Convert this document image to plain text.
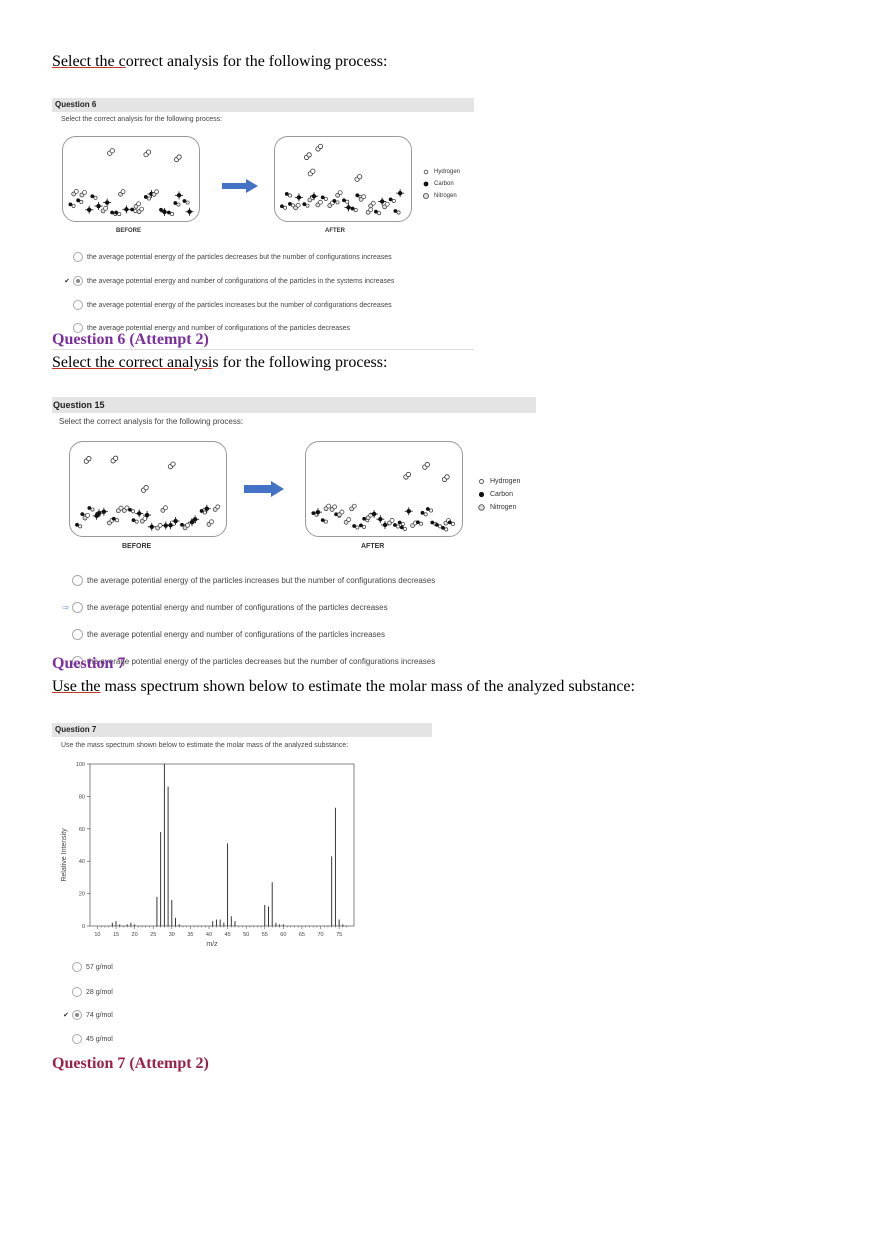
Select the correct analysis for the following process:
Question 6
Select the correct analysis for the following process:
BEFORE	AFTER
Hydrogen
Carbon
Nitrogen
the average potential energy of the particles decreases but the number of configurations increases
✔ the average potential energy and number of configurations of the particles in the systems increases
the average potential energy of the particles increases but the number of configurations decreases
the average potential energy and number of configurations of the particles decreases
Question 6 (Attempt 2)
Select the correct analysis for the following process:
Question 15
Select the correct analysis for the following process:
BEFORE	AFTER
Hydrogen
Carbon
Nitrogen
the average potential energy of the particles increases but the number of configurations decreases
⇨ the average potential energy and number of configurations of the particles decreases
the average potential energy and number of configurations of the particles increases
the average potential energy of the particles decreases but the number of configurations increases
Question 7
Use the mass spectrum shown below to estimate the molar mass of the analyzed substance:
Question 7
Use the mass spectrum shown below to estimate the molar mass of the analyzed substance:
0
20
40
60
80
100
10 15 20 25 30 35 40 45 50 55 60 65 70 75
m/z
Relative Intensity
57 g/mol
28 g/mol
✔ 74 g/mol
45 g/mol
Question 7 (Attempt 2)
